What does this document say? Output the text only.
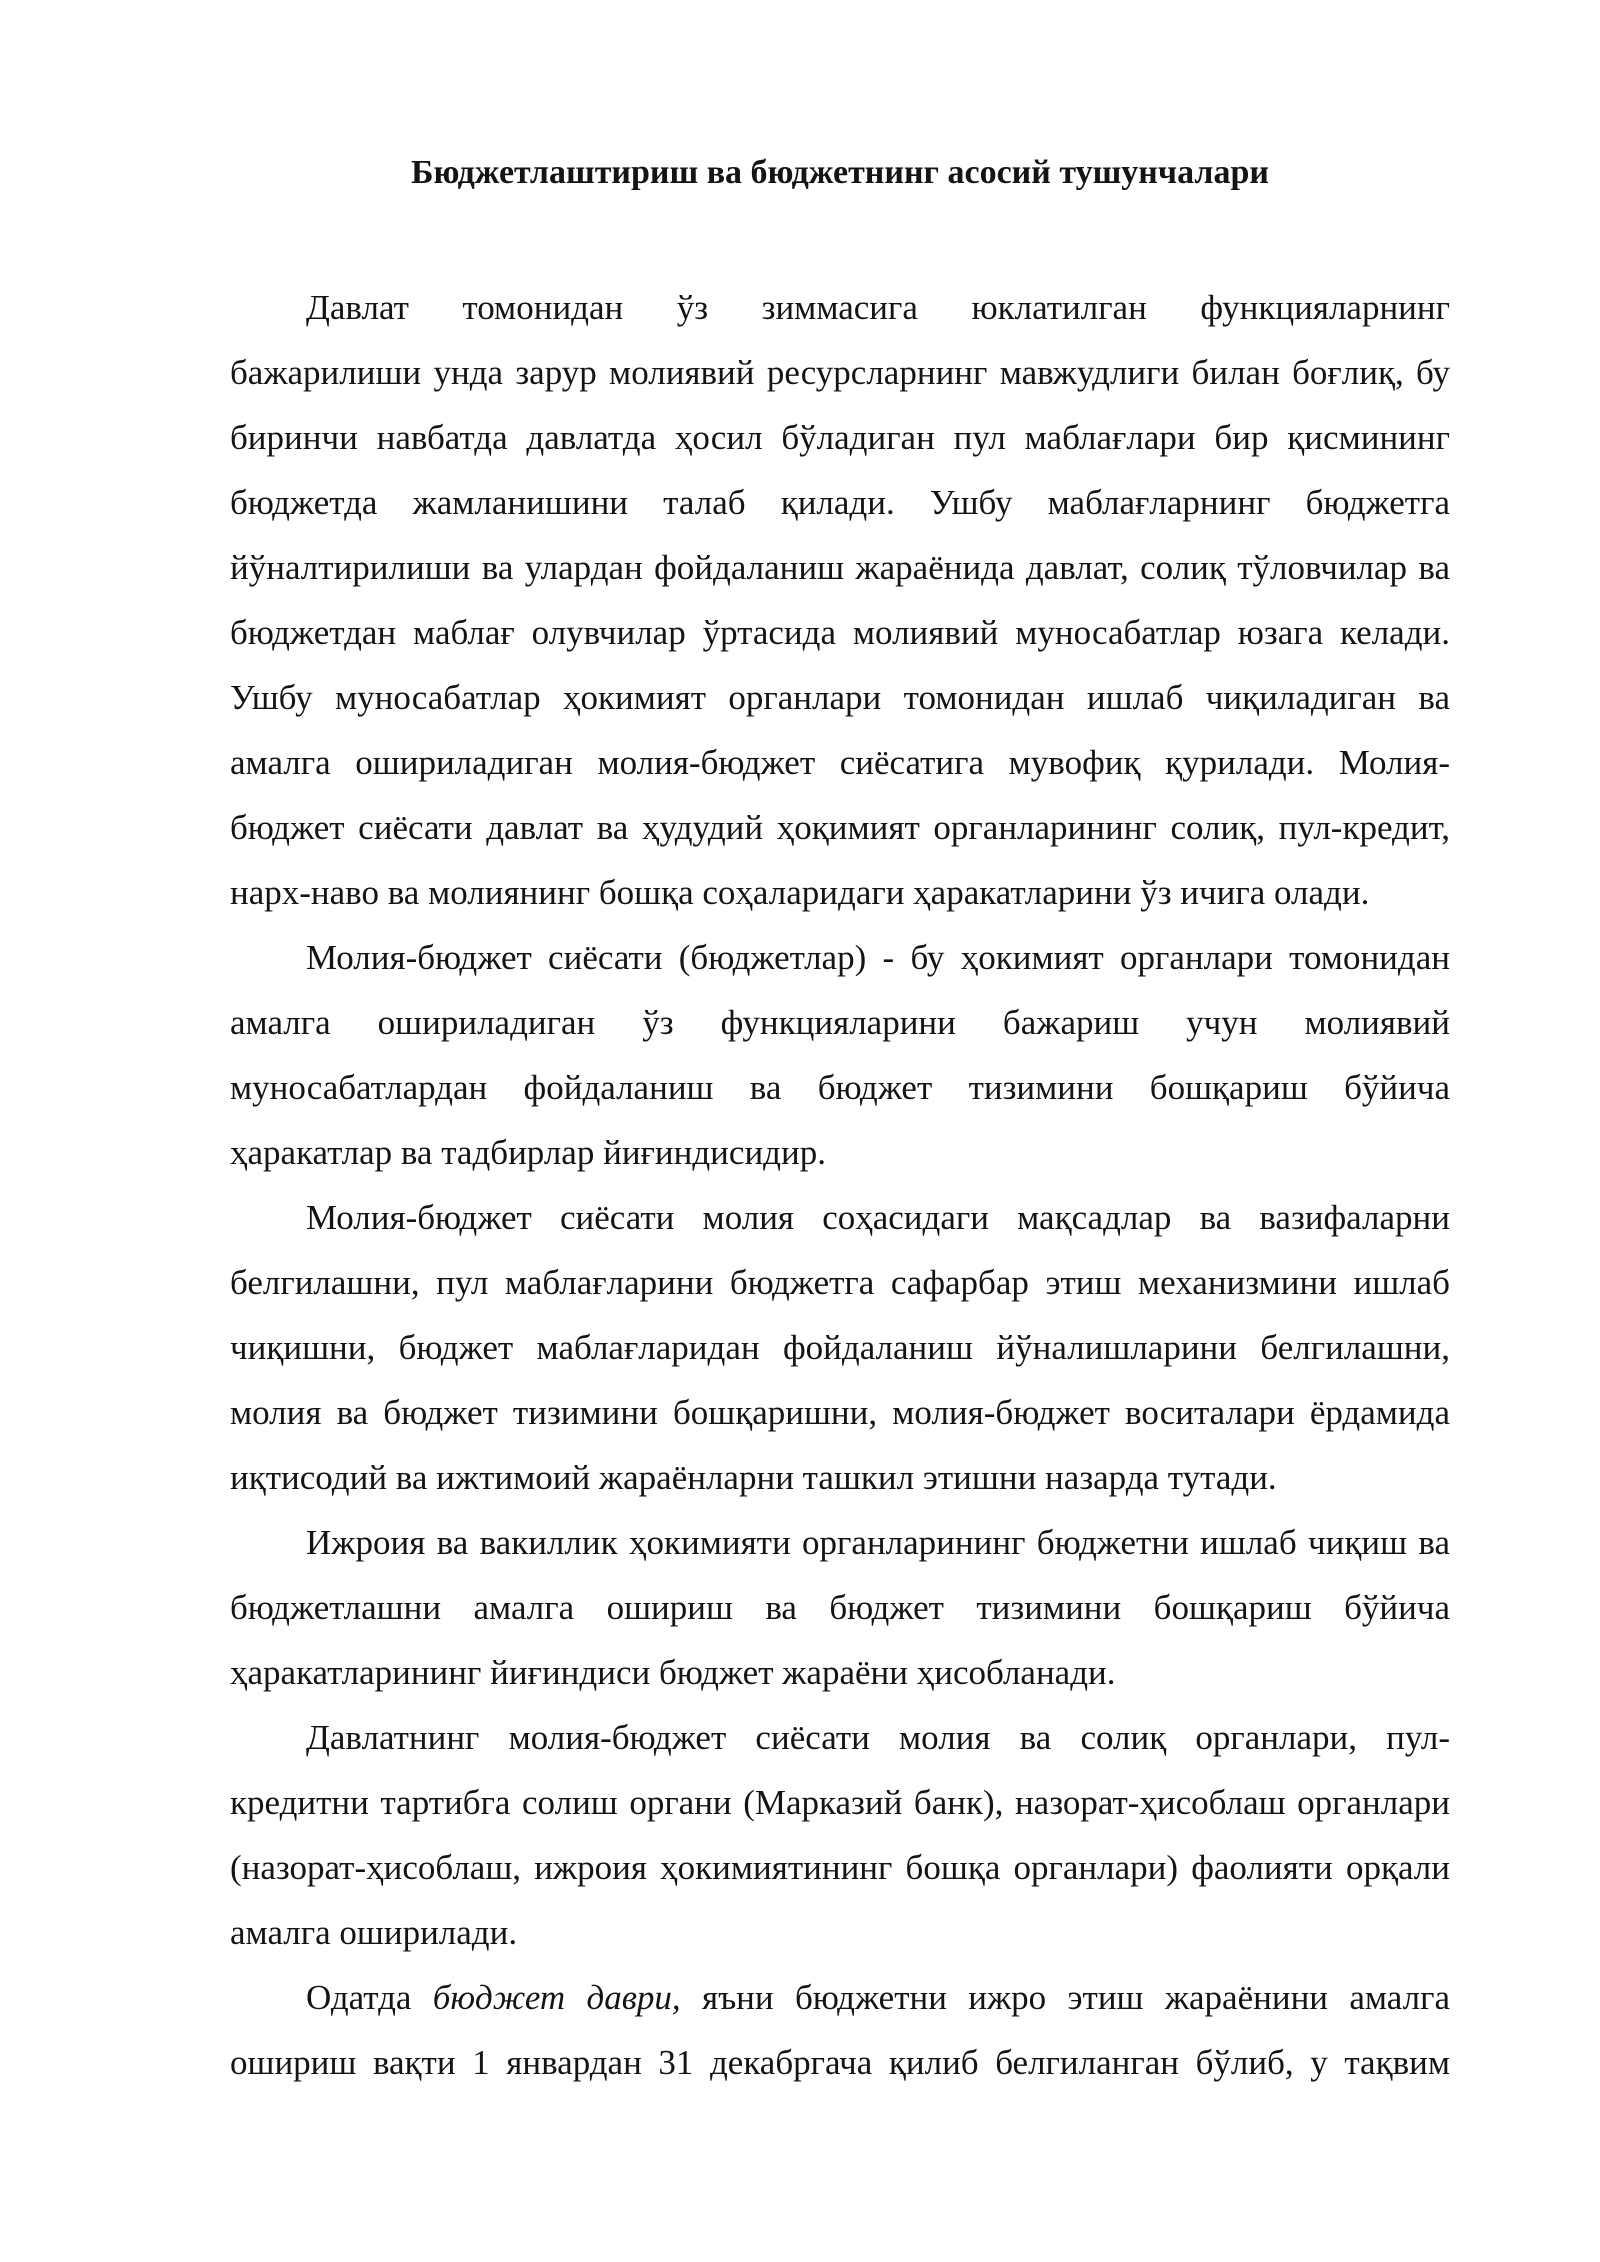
Бюджетлаштириш ва бюджетнинг асосий тушунчалари

Давлат томонидан ўз зиммасига юклатилган функцияларнинг
бажарилиши унда зарур молиявий ресурсларнинг мавжудлиги билан боғлиқ, бу
биринчи навбатда давлатда ҳосил бўладиган пул маблағлари бир қисмининг
бюджетда жамланишини талаб қилади. Ушбу маблағларнинг бюджетга
йўналтирилиши ва улардан фойдаланиш жараёнида давлат, солиқ тўловчилар ва
бюджетдан маблағ олувчилар ўртасида молиявий муносабатлар юзага келади.
Ушбу муносабатлар ҳокимият органлари томонидан ишлаб чиқиладиган ва
амалга ошириладиган молия-бюджет сиёсатига мувофиқ қурилади. Молия-
бюджет сиёсати давлат ва ҳудудий ҳоқимият органларининг солиқ, пул-кредит,
нарх-наво ва молиянинг бошқа соҳаларидаги ҳаракатларини ўз ичига олади.

Молия-бюджет сиёсати (бюджетлар) - бу ҳокимият органлари томонидан
амалга ошириладиган ўз функцияларини бажариш учун молиявий
муносабатлардан фойдаланиш ва бюджет тизимини бошқариш бўйича
ҳаракатлар ва тадбирлар йиғиндисидир.

Молия-бюджет сиёсати молия соҳасидаги мақсадлар ва вазифаларни
белгилашни, пул маблағларини бюджетга сафарбар этиш механизмини ишлаб
чиқишни, бюджет маблағларидан фойдаланиш йўналишларини белгилашни,
молия ва бюджет тизимини бошқаришни, молия-бюджет воситалари ёрдамида
иқтисодий ва ижтимоий жараёнларни ташкил этишни назарда тутади.

Ижроия ва вакиллик ҳокимияти органларининг бюджетни ишлаб чиқиш ва
бюджетлашни амалга ошириш ва бюджет тизимини бошқариш бўйича
ҳаракатларининг йиғиндиси бюджет жараёни ҳисобланади.

Давлатнинг молия-бюджет сиёсати молия ва солиқ органлари, пул-
кредитни тартибга солиш органи (Марказий банк), назорат-ҳисоблаш органлари
(назорат-ҳисоблаш, ижроия ҳокимиятининг бошқа органлари) фаолияти орқали
амалга оширилади.

Одатда бюджет даври, яъни бюджетни ижро этиш жараёнини амалга
ошириш вақти 1 январдан 31 декабргача қилиб белгиланган бўлиб, у тақвим
